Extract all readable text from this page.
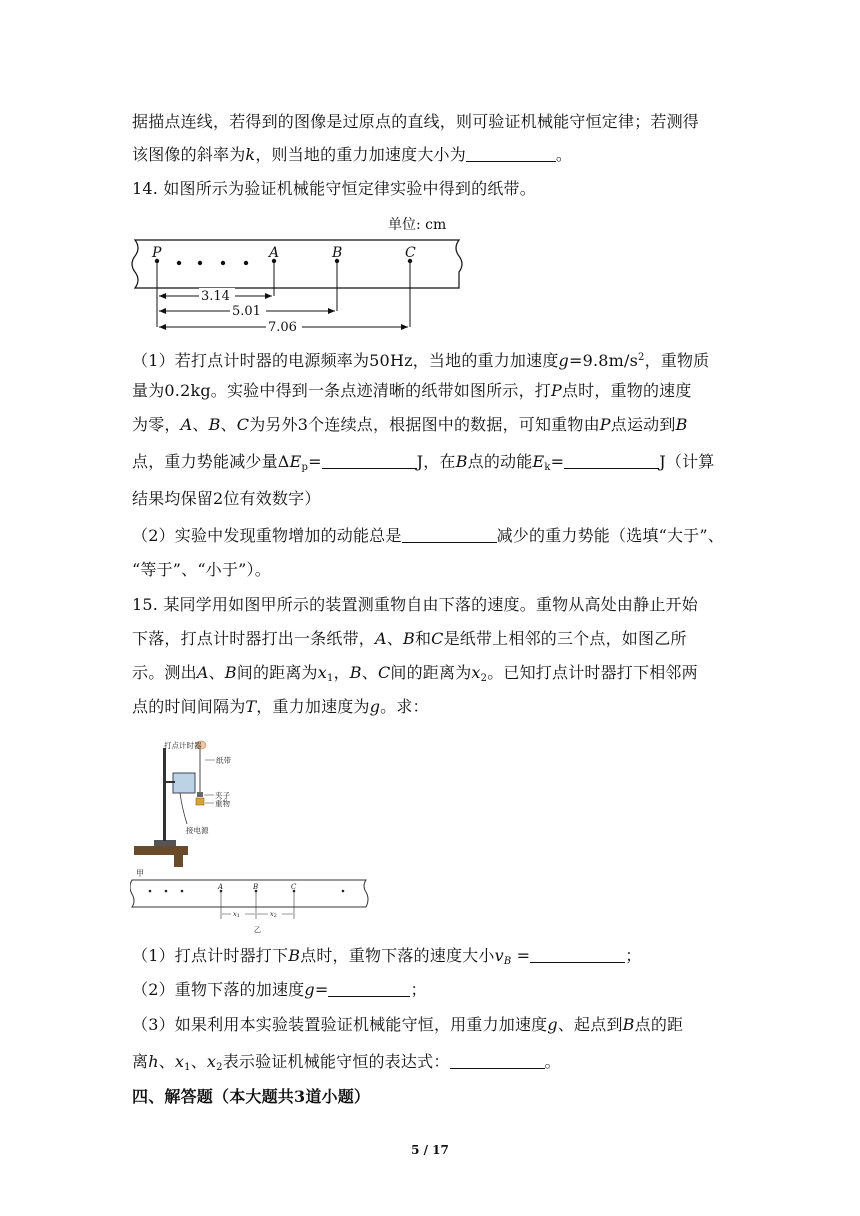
据描点连线，若得到的图像是过原点的直线，则可验证机械能守恒定律；若测得
该图像的斜率为k，则当地的重力加速度大小为	。
14. 如图所示为验证机械能守恒定律实验中得到的纸带。
单位: cm
P	A	B	C
3.14
5.01
7.06
（1）若打点计时器的电源频率为50Hz，当地的重力加速度$g=9.8m/s^2$，重物质
量为0.2kg。实验中得到一条点迹清晰的纸带如图所示，打P点时，重物的速度
为零，A、B、C为另外3个连续点，根据图中的数据，可知重物由P点运动到B
点，重力势能减少量$\Delta E_p=$	J，在B点的动能$E_k=$	J（计算
结果均保留2位有效数字）
（2）实验中发现重物增加的动能总是	减少的重力势能（选填“大于”、
“等于”、“小于”）。
15. 某同学用如图甲所示的装置测重物自由下落的速度。重物从高处由静止开始
下落，打点计时器打出一条纸带，A、B和C是纸带上相邻的三个点，如图乙所
示。测出A、B间的距离为$x_1$，B、C间的距离为$x_2$。已知打点计时器打下相邻两
点的时间间隔为T，重力加速度为g。求：
打点计时器
纸带
夹子
重物
接电源
甲
A	B	C
x1	x2
乙
（1）打点计时器打下B点时，重物下落的速度大小$v_B$ =	；
（2）重物下落的加速度g=	；
（3）如果利用本实验装置验证机械能守恒，用重力加速度g、起点到B点的距
离h、$x_1$、$x_2$表示验证机械能守恒的表达式：	。
四、解答题（本大题共3道小题）
5 / 17
